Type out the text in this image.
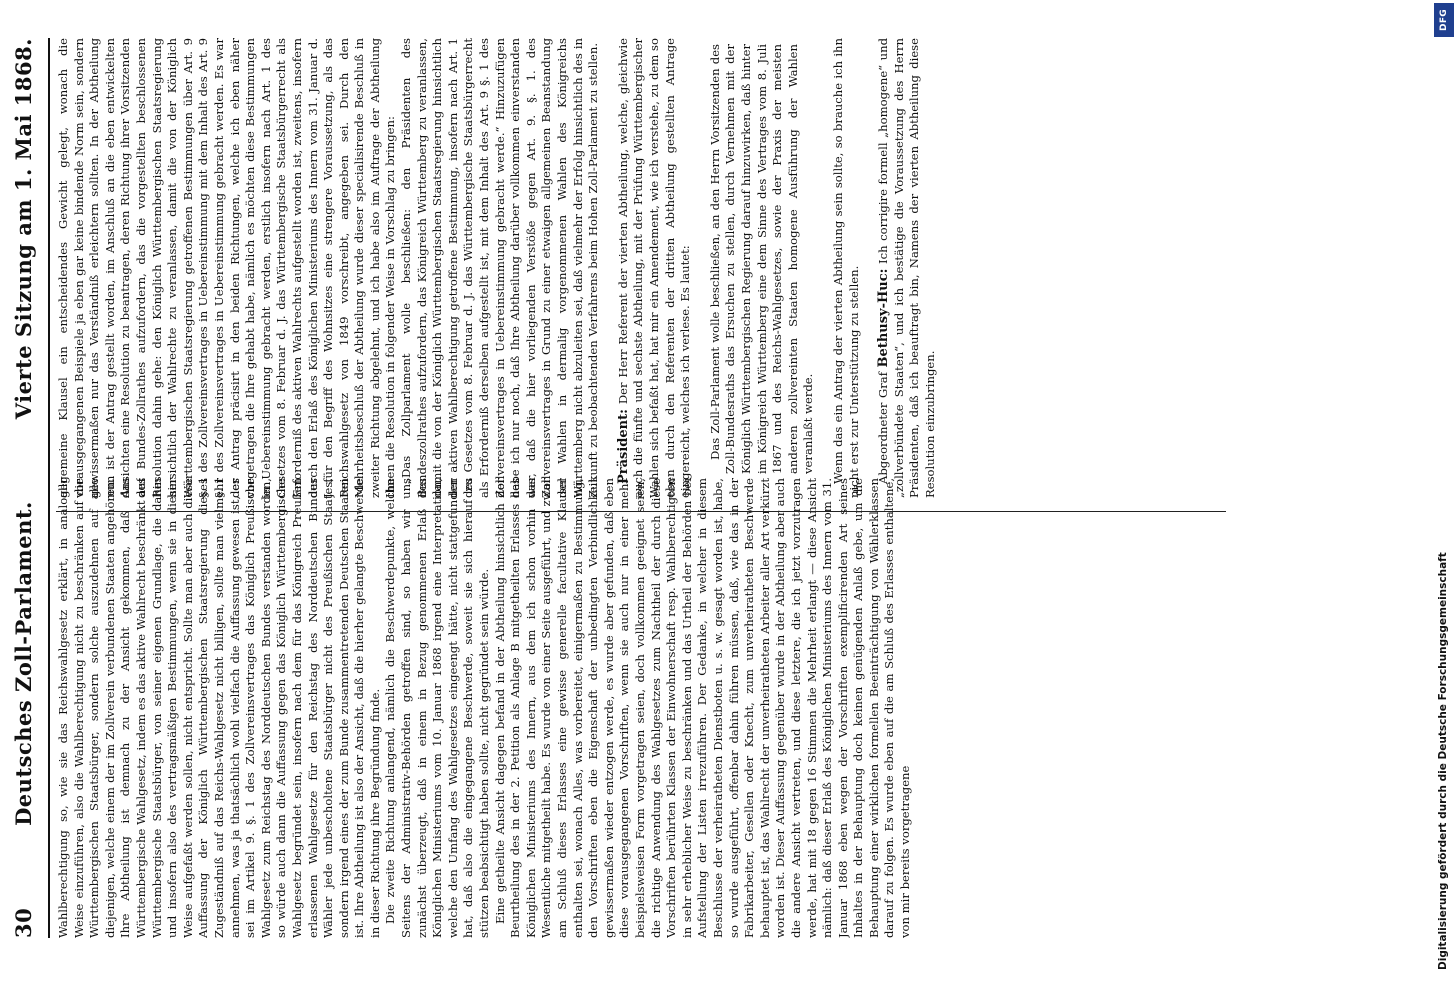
30
Deutsches Zoll-Parlament.
Vierte Sitzung am 1. Mai 1868.

Wahlberechtigung so, wie sie das Reichswahlgesetz erklärt, in analoger Weise einzuführen, also die Wahlberechtigung nicht zu beschränken auf die Württembergischen Staatsbürger, sondern solche auszudehnen auf alle diejenigen, welche einem der im Zollverein verbundenen Staaten angehören. Ihre Abtheilung ist demnach zu der Ansicht gekommen, daß das Württembergische Wahlgesetz, indem es das aktive Wahlrecht beschränkt auf Württembergische Staatsbürger, von seiner eigenen Grundlage, die dahin und insofern also des vertragsmäßigen Bestimmungen, wenn sie in dieser Weise aufgefaßt werden sollen, nicht entspricht. Sollte man aber auch diese Auffassung der Königlich Württembergischen Staatsregierung dieses Zugeständniß auf das Reichs-Wahlgesetz nicht billigen, sollte man vielmehr annehmen, was ja thatsächlich wohl vielfach die Auffassung gewesen ist, es sei im Artikel 9. §. 1 des Zollvereinsvertrages das Königlich Preußische Wahlgesetz zum Reichstag des Norddeutschen Bundes verstanden worden, so würde auch dann die Auffassung gegen das Königlich Württembergische Wahlgesetz begründet sein, insofern nach dem für das Königreich Preußen erlassenen Wahlgesetze für den Reichstag des Norddeutschen Bundes Wähler jede unbescholtene Staatsbürger nicht des Preußischen Staates, sondern irgend eines der zum Bunde zusammentretenden Deutschen Staaten ist. Ihre Abtheilung ist also der Ansicht, daß die hierher gelangte Beschwerde in dieser Richtung ihre Begründung finde. Die zweite Richtung anlangend, nämlich die Beschwerdepunkte, welche Seitens der Administrativ-Behörden getroffen sind, so haben wir uns zunächst überzeugt, daß in einem in Bezug genommenen Erlaß des Königlichen Ministeriums vom 10. Januar 1868 irgend eine Interpretation, welche den Umfang des Wahlgesetzes eingeengt hätte, nicht stattgefunden hat, daß also die eingegangene Beschwerde, soweit sie sich hierauf zu stützen beabsichtigt haben sollte, nicht gegründet sein würde. Eine getheilte Ansicht dagegen befand in der Abtheilung hinsichtlich der Beurtheilung des in der 2. Petition als Anlage B mitgetheilten Erlasses des Königlichen Ministeriums des Innern, aus dem ich schon vorhin das Wesentliche mitgetheilt habe. Es wurde von einer Seite ausgeführt, und zwar am Schluß dieses Erlasses eine gewisse generelle facultative Klausel enthalten sei, wonach Alles, was vorbereitet, einigermaßen zu Bestimmung, den Vorschriften eben die Eigenschaft der unbedingten Verbindlichkeit gewissermaßen wieder entzogen werde, es wurde aber gefunden, daß eben diese vorausgegangenen Vorschriften, wenn sie auch nur in einer mehr beispielsweisen Form vorgetragen seien, doch vollkommen geeignet seien, die richtige Anwendung des Wahlgesetzes zum Nachtheil der durch diese Vorschriften berührten Klassen der Einwohnerschaft resp. Wahlberechtigten in sehr erheblicher Weise zu beschränken und das Urtheil der Behörden bei Aufstellung der Listen irrezuführen. Der Gedanke, in welcher in diesem Beschlusse der verheiratheten Dienstboten u. s. w. gesagt worden ist, habe, so wurde ausgeführt, offenbar dahin führen müssen, daß, wie das in der Fabrikarbeiter, Gesellen oder Knecht, zum unverheiratheten Beschwerde behauptet ist, das Wahlrecht der unverheiratheten Arbeiter aller Art verkürzt worden ist. Dieser Auffassung gegenüber wurde in der Abtheilung aber auch die andere Ansicht vertreten, und diese letztere, die ich jetzt vorzutragen werde, hat mit 18 gegen 16 Stimmen die Mehrheit erlangt — diese Ansicht nämlich: daß dieser Erlaß des Königlichen Ministeriums des Innern vom 31. Januar 1868 eben wegen der Vorschriften exemplificirenden Art seines Inhaltes in der Behauptung doch keinen genügenden Anlaß gebe, um die Behauptung einer wirklichen formellen Beeinträchtigung von Wählerklassen darauf zu folgen. Es wurde eben auf die am Schluß des Erlasses enthaltene, von mir bereits vorgetragene

allgemeine Klausel ein entscheidendes Gewicht gelegt, wonach die vorausgegangenen Beispiele ja eben gar keine bindende Norm sein, sondern gewissermaßen nur das Verständniß erleichtern sollten. In der Abtheilung nun ist der Antrag gestellt worden, im Anschluß an die eben entwickelten Ansichten eine Resolution zu beantragen, deren Richtung ihrer Vorsitzenden des Bundes-Zollrathes aufzufordern, das die vorgestellten beschlossenen Resolution dahin gehe: den Königlich Württembergischen Staatsregierung hinsichtlich der Wahlrechte zu veranlassen, damit die von der Königlich Württembergischen Staatsregierung getroffenen Bestimmungen über Art. 9 §. 1 des Zollvereinsvertrages in Uebereinstimmung mit dem Inhalt des Art. 9 §. 1 des Zollvereinsvertrages in Uebereinstimmung gebracht werden. Es war der Antrag präcisirt in den beiden Richtungen, welche ich eben näher vorgetragen die Ihre gehabt habe, nämlich es möchten diese Bestimmungen in Uebereinstimmung gebracht werden, erstlich insofern nach Art. 1 des Gesetzes vom 8. Februar d. J. das Württembergische Staatsbürgerrecht als Erforderniß des aktiven Wahlrechts aufgestellt worden ist, zweitens, insofern durch den Erlaß des Königlichen Ministeriums des Innern vom 31. Januar d. J. für den Begriff des Wohnsitzes eine strengere Voraussetzung, als das Reichswahlgesetz von 1849 vorschreibt, angegeben sei. Durch den Mehrheitsbeschluß der Abtheilung wurde dieser specialisirende Beschluß in zweiter Richtung abgelehnt, und ich habe also im Auftrage der Abtheilung Ihnen die Resolution in folgender Weise in Vorschlag zu bringen: „Das Zollparlament wolle beschließen: den Präsidenten des Bundeszollrathes aufzufordern, das Königreich Württemberg zu veranlassen, damit die von der Königlich Württembergischen Staatsregierung hinsichtlich der aktiven Wahlberechtigung getroffene Bestimmung, insofern nach Art. 1 des Gesetzes vom 8. Februar d. J. das Württembergische Staatsbürgerrecht als Erforderniß derselben aufgestellt ist, mit dem Inhalt des Art. 9 §. 1 des Zollvereinsvertrages in Uebereinstimmung gebracht werde.“ Hinzuzufügen habe ich nur noch, daß Ihre Abtheilung darüber vollkommen einverstanden war, daß die hier vorliegenden Verstöße gegen Art. 9. §. 1. des Zollvereinsvertrages in Grund zu einer etwaigen allgemeinen Beanstandung der Wahlen in dermalig vorgenommenen Wahlen des Königreichs Württemberg nicht abzuleiten sei, daß vielmehr der Erfolg hinsichtlich des in Zukunft zu beobachtenden Verfahrens beim Hohen Zoll-Parlament zu stellen. Präsident: Der Herr Referent der vierten Abtheilung, welche, gleichwie auch die fünfte und sechste Abtheilung, mit der Prüfung Württembergischer Wahlen sich befaßt hat, hat mir ein Amendement, wie ich verstehe, zu dem so eben durch den Referenten der dritten Abtheilung gestellten Antrage eingereicht, welches ich verlese. Es lautet: Das Zoll-Parlament wolle beschließen, an den Herrn Vorsitzenden des Zoll-Bundesraths das Ersuchen zu stellen, durch Vernehmen mit der Königlich Württembergischen Regierung darauf hinzuwirken, daß hinter im Königreich Württemberg eine dem Sinne des Vertrages vom 8. Juli 1867 und des Reichs-Wahlgesetzes, sowie der Praxis der meisten anderen zollvereinten Staaten homogene Ausführung der Wahlen veranlaßt werde. Wenn das ein Antrag der vierten Abtheilung sein sollte, so brauche ich ihn nicht erst zur Unterstützung zu stellen. Abgeordneter Graf Bethusy-Huc: Ich corrigire formell „homogene“ und „zollverbündete Staaten“, und ich bestätige die Voraussetzung des Herrn Präsidenten, daß ich beauftragt bin, Namens der vierten Abtheilung diese Resolution einzubringen.

DFG
Digitalisierung gefördert durch die Deutsche Forschungsgemeinschaft
